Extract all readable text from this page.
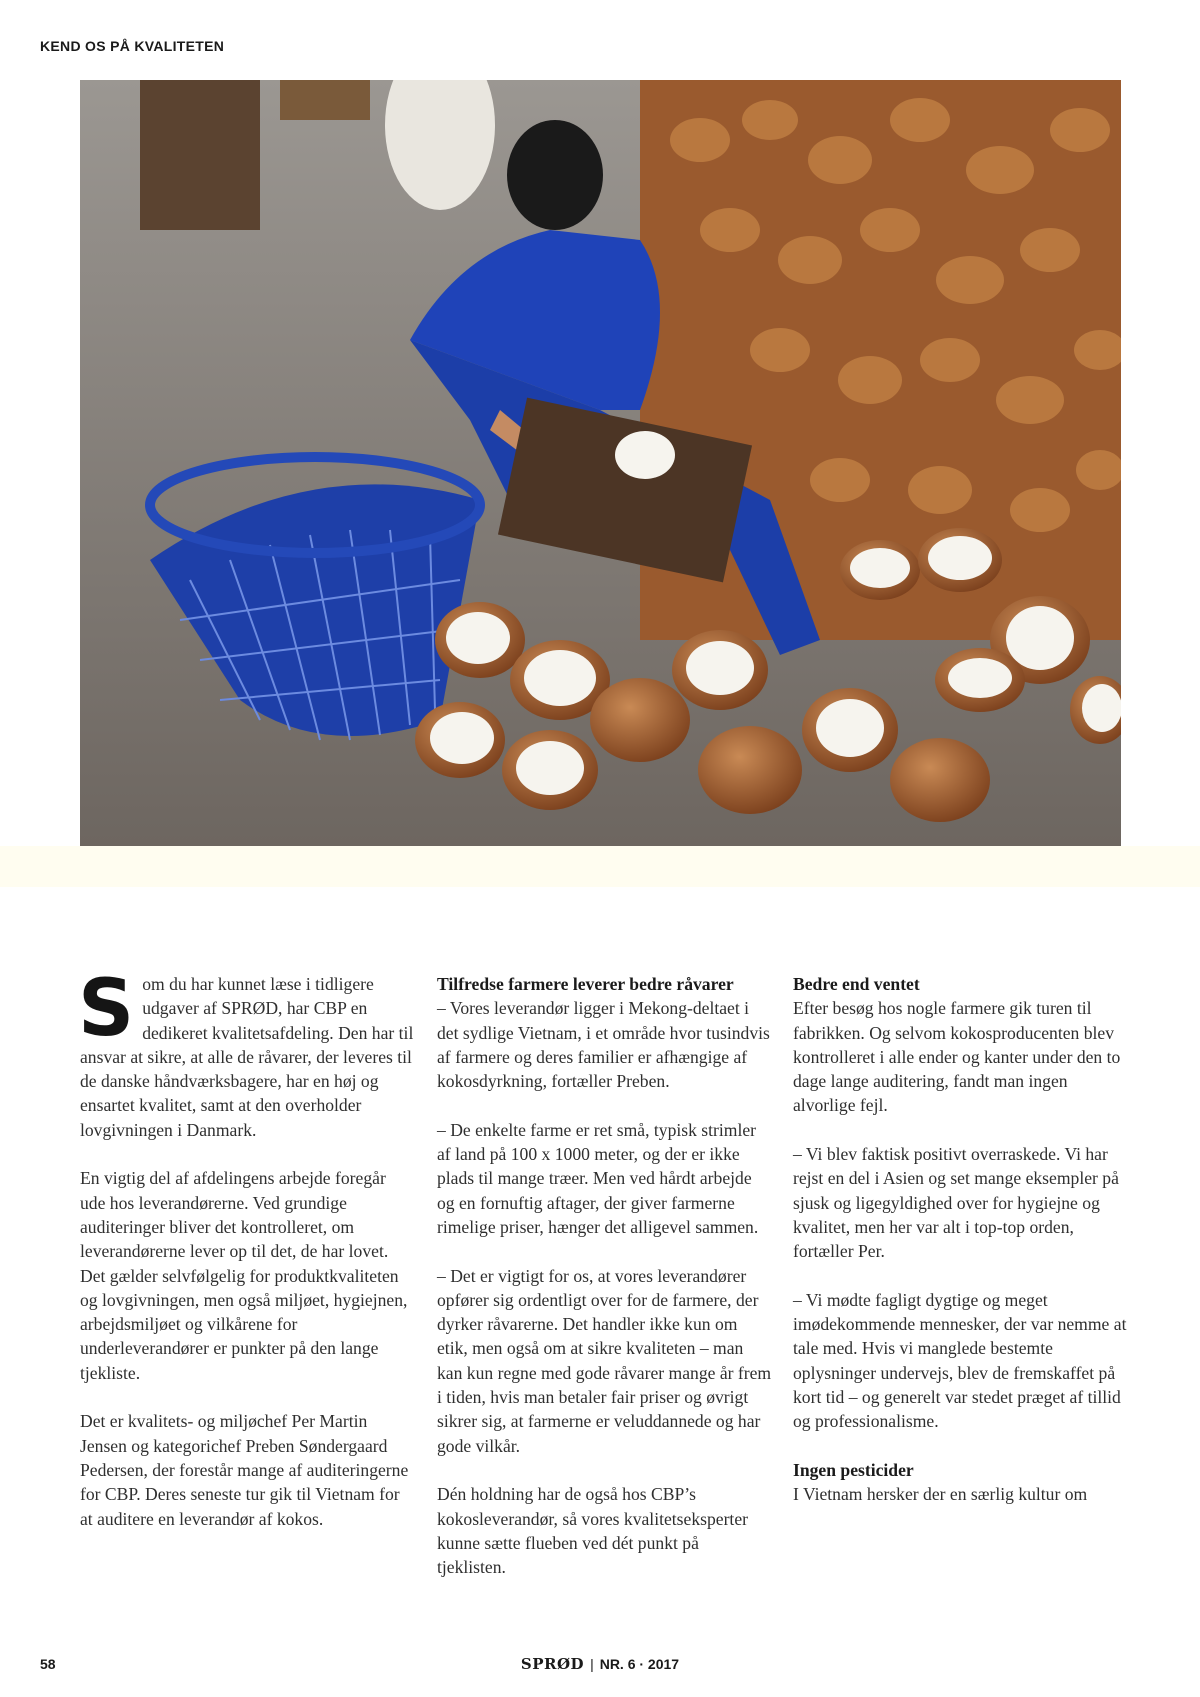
KEND OS PÅ KVALITETEN

Som du har kunnet læse i tidligere udgaver af SPRØD, har CBP en dedikeret kvalitetsafdeling. Den har til ansvar at sikre, at alle de råvarer, der leveres til de danske håndværksbagere, har en høj og ensartet kvalitet, samt at den overholder lovgivningen i Danmark.

En vigtig del af afdelingens arbejde foregår ude hos leverandørerne. Ved grundige auditeringer bliver det kontrolleret, om leverandørerne lever op til det, de har lovet. Det gælder selvfølgelig for produktkvaliteten og lovgivningen, men også miljøet, hygiejnen, arbejdsmiljøet og vilkårene for underleverandører er punkter på den lange tjekliste.

Det er kvalitets- og miljøchef Per Martin Jensen og kategorichef Preben Søndergaard Pedersen, der forestår mange af auditeringerne for CBP. Deres seneste tur gik til Vietnam for at auditere en leverandør af kokos.

Tilfredse farmere leverer bedre råvarer

– Vores leverandør ligger i Mekong-deltaet i det sydlige Vietnam, i et område hvor tusindvis af farmere og deres familier er afhængige af kokosdyrkning, fortæller Preben.

– De enkelte farme er ret små, typisk strimler af land på 100 x 1000 meter, og der er ikke plads til mange træer. Men ved hårdt arbejde og en fornuftig aftager, der giver farmerne rimelige priser, hænger det alligevel sammen.

– Det er vigtigt for os, at vores leverandører opfører sig ordentligt over for de farmere, der dyrker råvarerne. Det handler ikke kun om etik, men også om at sikre kvaliteten – man kan kun regne med gode råvarer mange år frem i tiden, hvis man betaler fair priser og øvrigt sikrer sig, at farmerne er veluddannede og har gode vilkår.

Dén holdning har de også hos CBP’s kokosleverandør, så vores kvalitetseksperter kunne sætte flueben ved dét punkt på tjeklisten.

Bedre end ventet

Efter besøg hos nogle farmere gik turen til fabrikken. Og selvom kokosproducenten blev kontrolleret i alle ender og kanter under den to dage lange auditering, fandt man ingen alvorlige fejl.

– Vi blev faktisk positivt overraskede. Vi har rejst en del i Asien og set mange eksempler på sjusk og ligegyldighed over for hygiejne og kvalitet, men her var alt i top-top orden, fortæller Per.

– Vi mødte fagligt dygtige og meget imødekommende mennesker, der var nemme at tale med. Hvis vi manglede bestemte oplysninger undervejs, blev de fremskaffet på kort tid – og generelt var stedet præget af tillid og professionalisme.

Ingen pesticider

I Vietnam hersker der en særlig kultur om

58	SPRØD | NR. 6 · 2017
